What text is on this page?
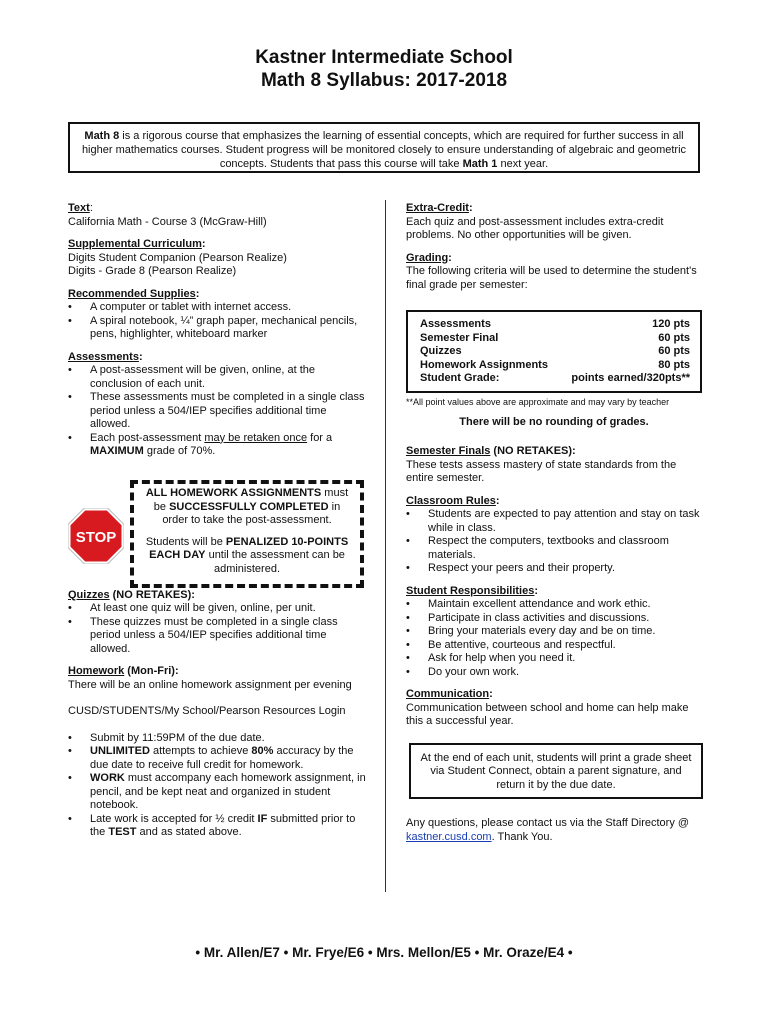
Kastner Intermediate School
Math 8 Syllabus: 2017-2018
Math 8 is a rigorous course that emphasizes the learning of essential concepts, which are required for further success in all higher mathematics courses. Student progress will be monitored closely to ensure understanding of algebraic and geometric concepts. Students that pass this course will take Math 1 next year.
Text:
California Math - Course 3 (McGraw-Hill)
Supplemental Curriculum:
Digits Student Companion (Pearson Realize)
Digits - Grade 8 (Pearson Realize)
Recommended Supplies:
• A computer or tablet with internet access.
• A spiral notebook, ¼” graph paper, mechanical pencils, pens, highlighter, whiteboard marker
Assessments:
• A post-assessment will be given, online, at the conclusion of each unit.
• These assessments must be completed in a single class period unless a 504/IEP specifies additional time allowed.
• Each post-assessment may be retaken once for a MAXIMUM grade of 70%.
STOP

ALL HOMEWORK ASSIGNMENTS must be SUCCESSFULLY COMPLETED in order to take the post-assessment.

Students will be PENALIZED 10-POINTS EACH DAY until the assessment can be administered.

Quizzes (NO RETAKES):
• At least one quiz will be given, online, per unit.
• These quizzes must be completed in a single class period unless a 504/IEP specifies additional time allowed.
Homework (Mon-Fri):
There will be an online homework assignment per evening
CUSD/STUDENTS/My School/Pearson Resources Login
• Submit by 11:59PM of the due date.
• UNLIMITED attempts to achieve 80% accuracy by the due date to receive full credit for homework.
• WORK must accompany each homework assignment, in pencil, and be kept neat and organized in student notebook.
• Late work is accepted for ½ credit IF submitted prior to the TEST and as stated above.
Extra-Credit:
Each quiz and post-assessment includes extra-credit problems. No other opportunities will be given.
Grading:
The following criteria will be used to determine the student's final grade per semester:
Assessments	120 pts
Semester Final	60 pts
Quizzes	60 pts
Homework Assignments	80 pts
Student Grade:	points earned/320pts**
**All point values above are approximate and may vary by teacher
There will be no rounding of grades.
Semester Finals (NO RETAKES):
These tests assess mastery of state standards from the entire semester.
Classroom Rules:
• Students are expected to pay attention and stay on task while in class.
• Respect the computers, textbooks and classroom materials.
• Respect your peers and their property.
Student Responsibilities:
• Maintain excellent attendance and work ethic.
• Participate in class activities and discussions.
• Bring your materials every day and be on time.
• Be attentive, courteous and respectful.
• Ask for help when you need it.
• Do your own work.
Communication:
Communication between school and home can help make this a successful year.
At the end of each unit, students will print a grade sheet via Student Connect, obtain a parent signature, and return it by the due date.
Any questions, please contact us via the Staff Directory @ kastner.cusd.com. Thank You.
• Mr. Allen/E7 • Mr. Frye/E6 • Mrs. Mellon/E5 • Mr. Oraze/E4 •
